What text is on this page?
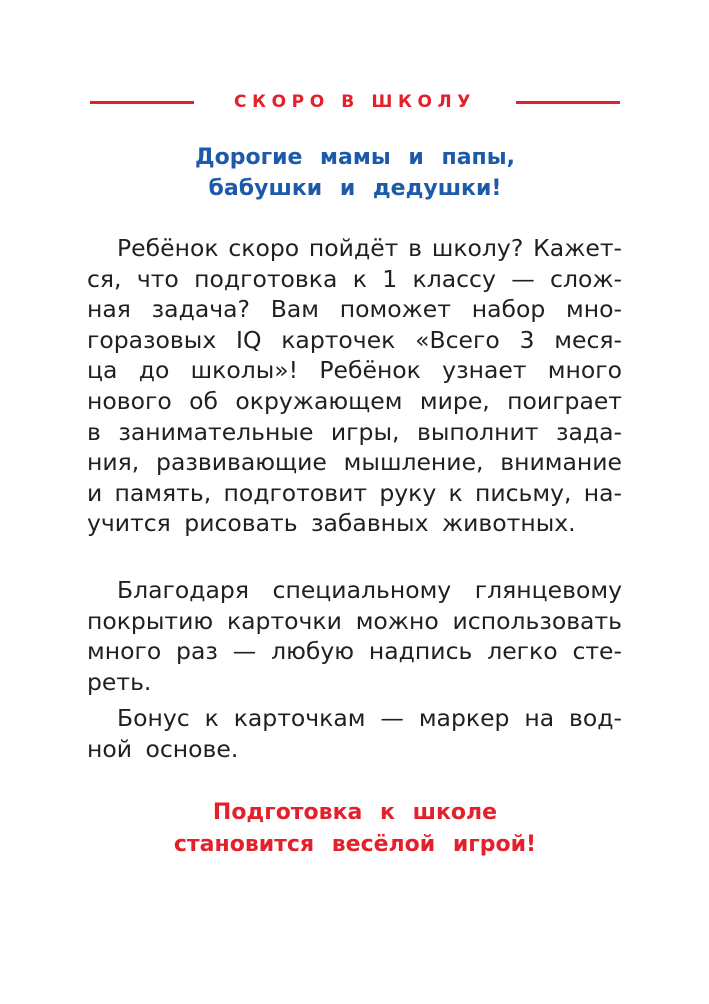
СКОРО В ШКОЛУ
Дорогие мамы и папы,
бабушки и дедушки!
Ребёнок скоро пойдёт в школу? Кажет-
ся, что подготовка к 1 классу — слож-
ная задача? Вам поможет набор мно-
горазовых IQ карточек «Всего 3 меся-
ца до школы»! Ребёнок узнает много
нового об окружающем мире, поиграет
в занимательные игры, выполнит зада-
ния, развивающие мышление, внимание
и память, подготовит руку к письму, на-
учится рисовать забавных животных.
Благодаря специальному глянцевому
покрытию карточки можно использовать
много раз — любую надпись легко сте-
реть.
Бонус к карточкам — маркер на вод-
ной основе.
Подготовка к школе
становится весёлой игрой!
